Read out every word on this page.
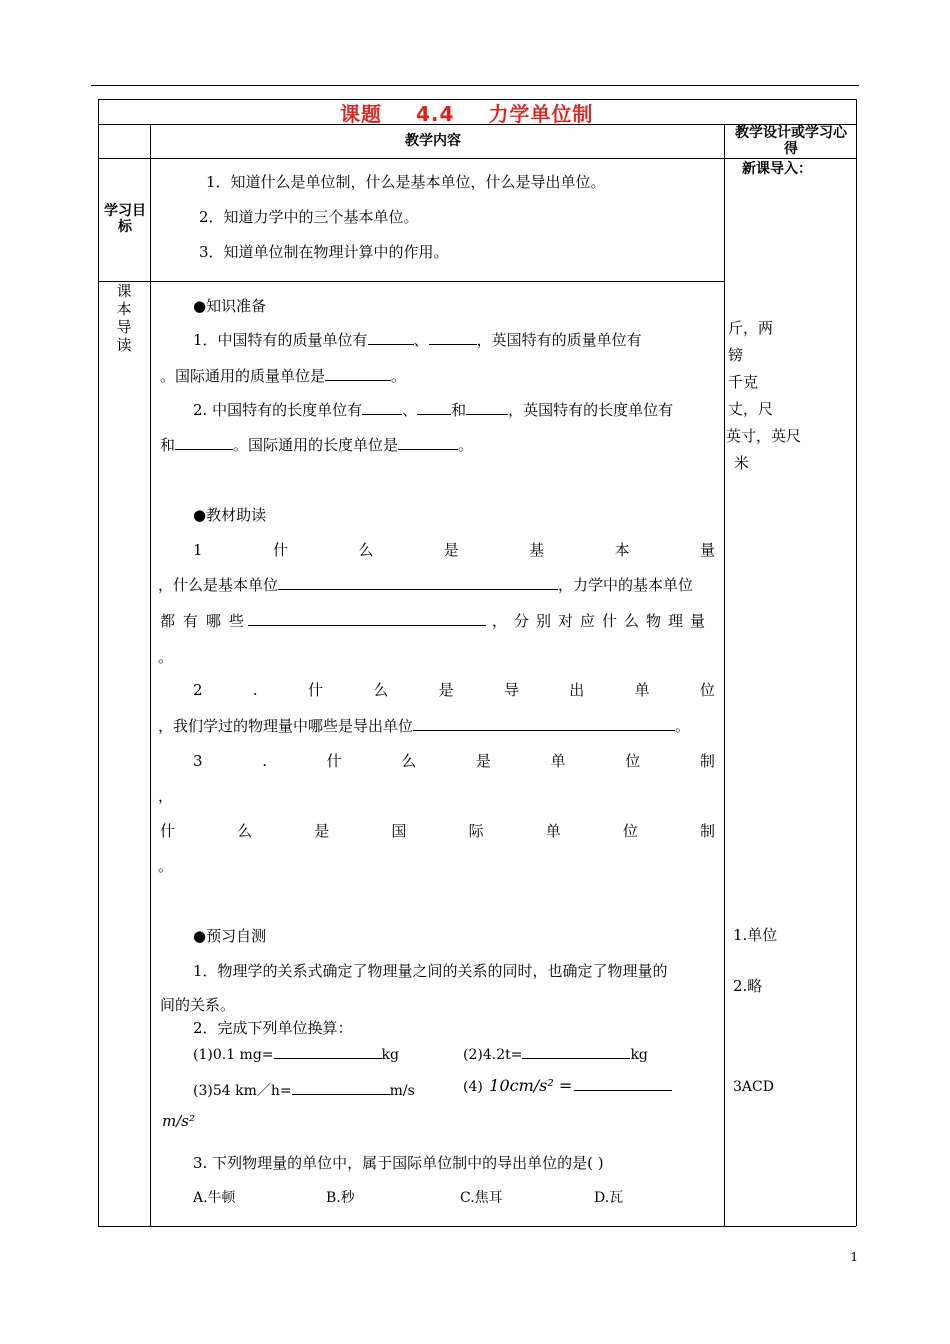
课题 4.4 力学单位制
教学内容	教学设计或学习心得
新课导入：
斤，两
镑
千克
丈，尺
英寸，英尺
米
1.单位
2.略
3ACD
学习目标
1．知道什么是单位制，什么是基本单位，什么是导出单位。
2．知道力学中的三个基本单位。
3．知道单位制在物理计算中的作用。
课本导读
●知识准备
1．中国特有的质量单位有	、	，英国特有的质量单位有
。国际通用的质量单位是	。
2. 中国特有的长度单位有	、 和	，英国特有的长度单位有
和	。国际通用的长度单位是	。
●教材助读
1	什	么	是	基	本	量
，什么是基本单位	，力学中的基本单位
都有哪些	，分别对应什么物理量
。
2	.	什	么	是	导	出	单	位
，我们学过的物理量中哪些是导出单位	。
3	.	什	么	是	单	位	制
，
什	么	是	国	际	单	位	制
。
●预习自测
1．物理学的关系式确定了物理量之间的关系的同时，也确定了物理量的
间的关系。
2．完成下列单位换算：
(1)0.1 mg=	kg	(2)4.2t=	kg
(3)54 km／h=	m/s	(4) 10cm/s² =
m/s²
3. 下列物理量的单位中，属于国际单位制中的导出单位的是( )
A.牛顿	B.秒	C.焦耳	D.瓦
1
